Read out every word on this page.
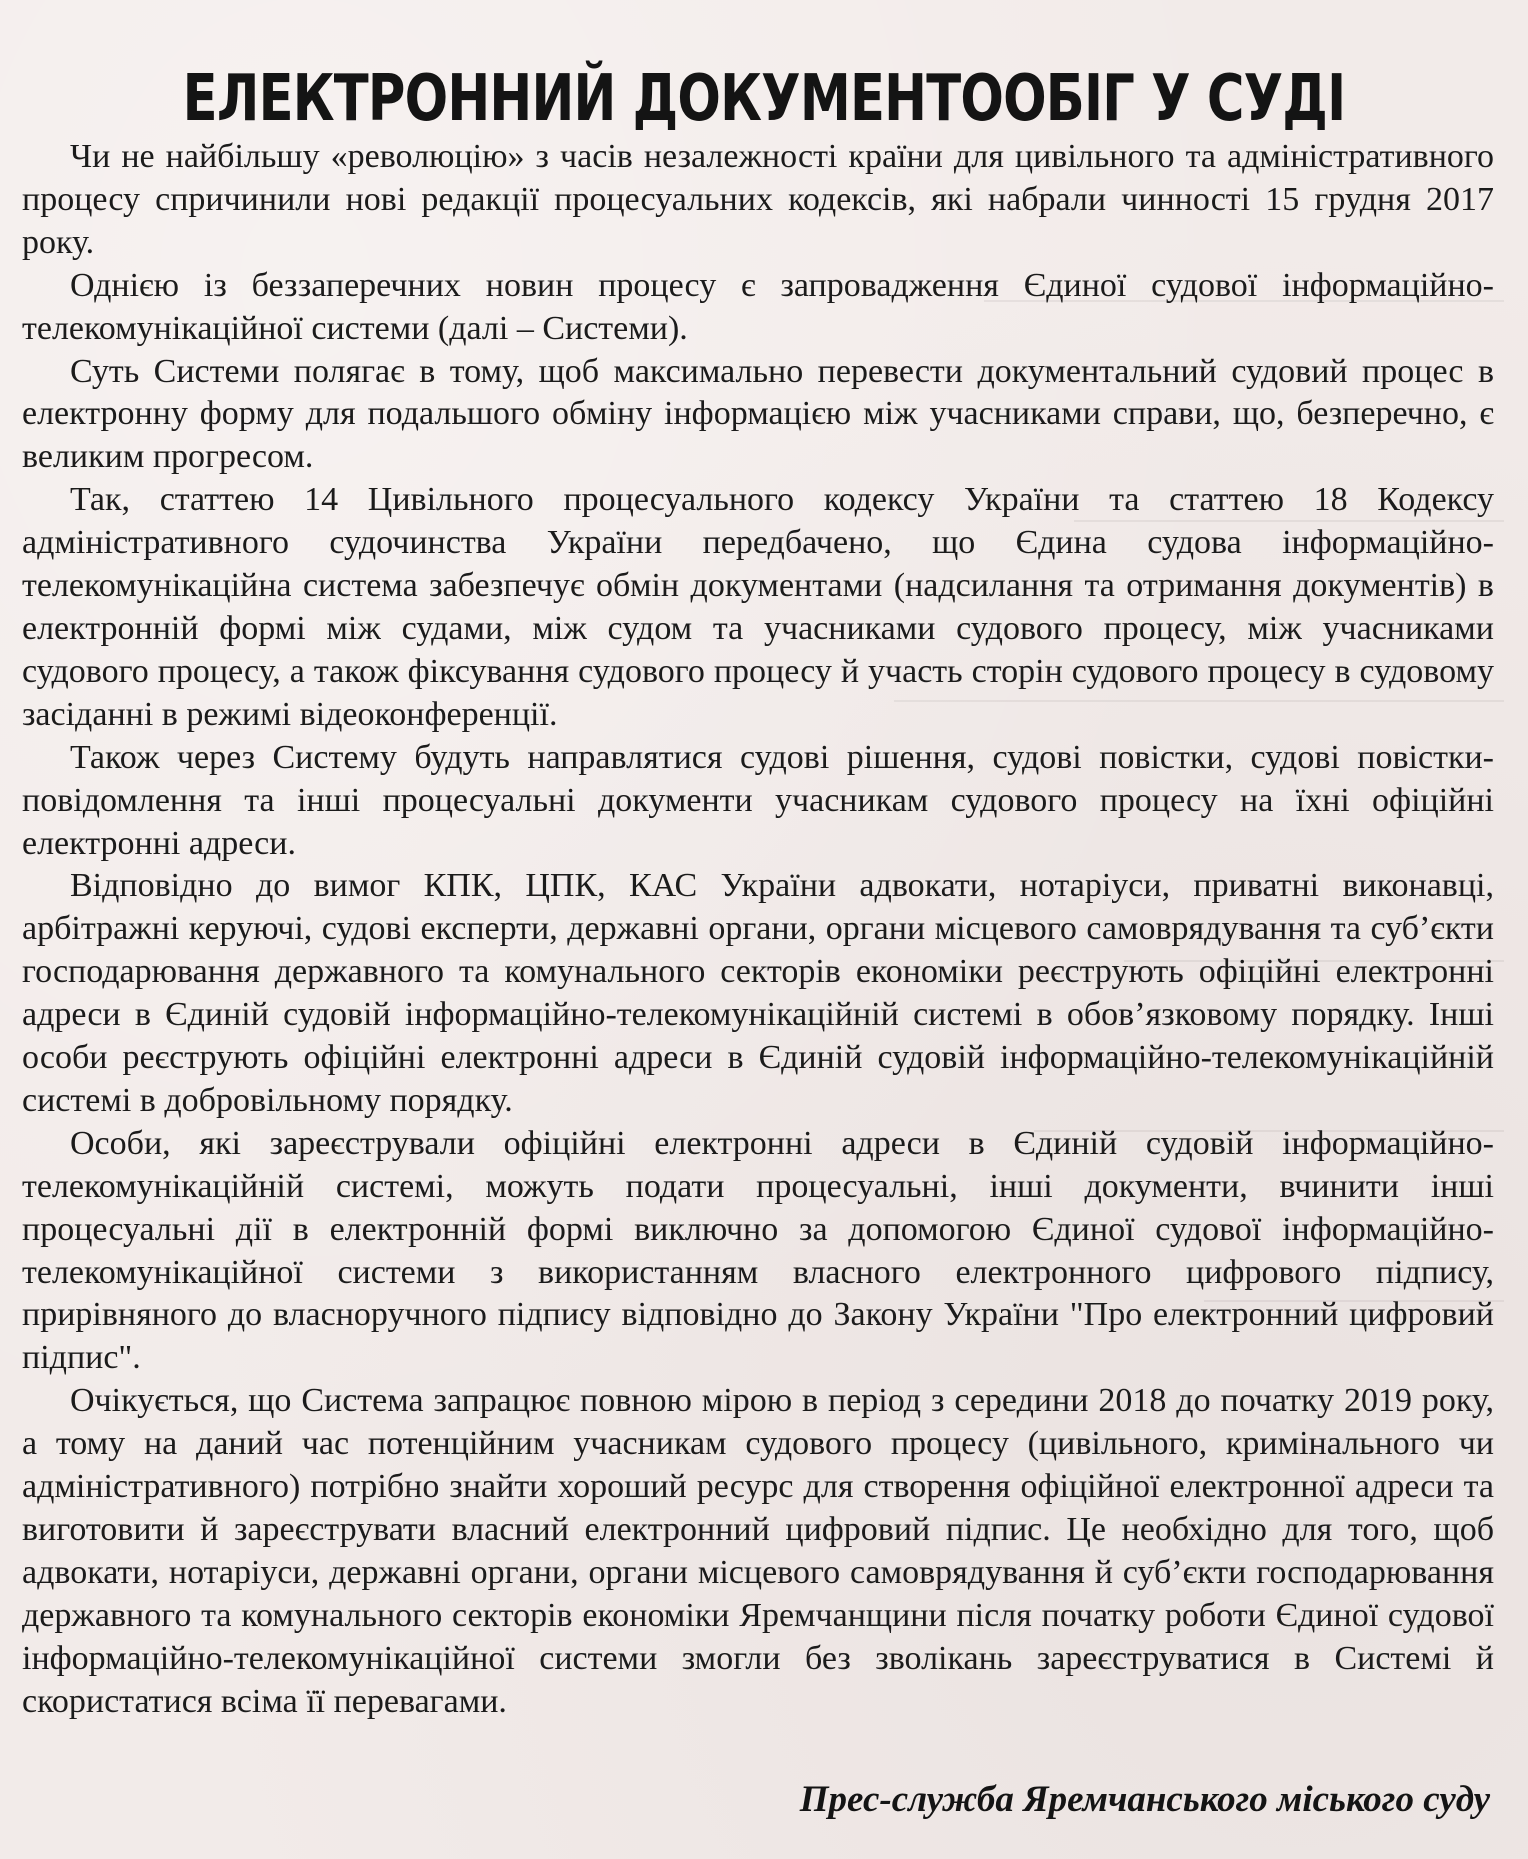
ЕЛЕКТРОННИЙ ДОКУМЕНТООБІГ У СУДІ

Чи не найбільшу «революцію» з часів незалежності країни для цивільного та адміністративного процесу спричинили нові редакції процесуальних кодексів, які набрали чинності 15 грудня 2017 року.

Однією із беззаперечних новин процесу є запровадження Єдиної судової інформаційно-телекомунікаційної системи (далі – Системи).

Суть Системи полягає в тому, щоб максимально перевести документальний судовий процес в електронну форму для подальшого обміну інформацією між учасниками справи, що, безперечно, є великим прогресом.

Так, статтею 14 Цивільного процесуального кодексу України та статтею 18 Кодексу адміністративного судочинства України передбачено, що Єдина судова інформаційно-телекомунікаційна система забезпечує обмін документами (надсилання та отримання документів) в електронній формі між судами, між судом та учасниками судового процесу, між учасниками судового процесу, а також фіксування судового процесу й участь сторін судового процесу в судовому засіданні в режимі відеоконференції.

Також через Систему будуть направлятися судові рішення, судові повістки, судові повістки-повідомлення та інші процесуальні документи учасникам судового процесу на їхні офіційні електронні адреси.

Відповідно до вимог КПК, ЦПК, КАС України адвокати, нотаріуси, приватні виконавці, арбітражні керуючі, судові експерти, державні органи, органи місцевого самоврядування та суб’єкти господарювання державного та комунального секторів економіки реєструють офіційні електронні адреси в Єдиній судовій інформаційно-телекомунікаційній системі в обов’язковому порядку. Інші особи реєструють офіційні електронні адреси в Єдиній судовій інформаційно-телекомунікаційній системі в добровільному порядку.

Особи, які зареєстрували офіційні електронні адреси в Єдиній судовій інформаційно-телекомунікаційній системі, можуть подати процесуальні, інші документи, вчинити інші процесуальні дії в електронній формі виключно за допомогою Єдиної судової інформаційно-телекомунікаційної системи з використанням власного електронного цифрового підпису, прирівняного до власноручного підпису відповідно до Закону України "Про електронний цифровий підпис".

Очікується, що Система запрацює повною мірою в період з середини 2018 до початку 2019 року, а тому на даний час потенційним учасникам судового процесу (цивільного, кримінального чи адміністративного) потрібно знайти хороший ресурс для створення офіційної електронної адреси та виготовити й зареєструвати власний електронний цифровий підпис. Це необхідно для того, щоб адвокати, нотаріуси, державні органи, органи місцевого самоврядування й суб’єкти господарювання державного та комунального секторів економіки Яремчанщини після початку роботи Єдиної судової інформаційно-телекомунікаційної системи змогли без зволікань зареєструватися в Системі й скористатися всіма її перевагами.

Прес-служба Яремчанського міського суду
